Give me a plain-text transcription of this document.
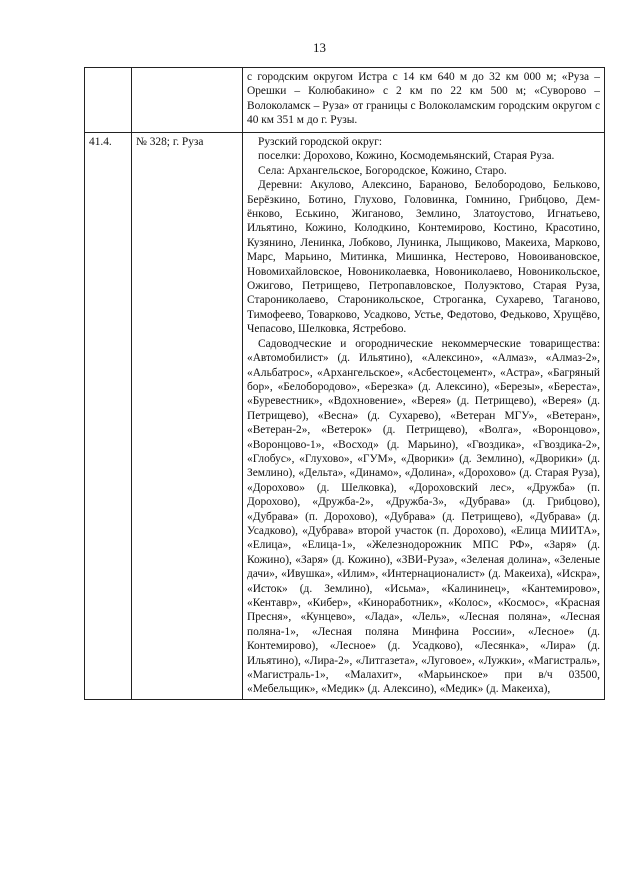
13

		с городским округом Истра с 14 км 640 м до 32 км 000 м; «Руза – Орешки – Колюбакино» с 2 км по 22 км 500 м; «Суворово – Волоколамск – Руза» от границы с Волоколамским городским округом с 40 км 351 м до г. Рузы.

41.4.	№ 328; г. Руза	Рузский городской округ:

поселки: Дорохово, Кожино, Космодемьянский, Старая Руза.

Села: Архангельское, Богородское, Кожино, Старо.

Деревни: Акулово, Алексино, Бараново, Белобородово, Бельково, Берёзкино, Ботино, Глухово, Головинка, Гомнино, Грибцово, Демёнково, Еськино, Жиганово, Землино, Златоустово, Игнатьево, Ильятино, Кожино, Колодкино, Контемирово, Костино, Красотино, Кузянино, Ленинка, Лобково, Лунинка, Лыщиково, Макеиха, Марково, Марс, Марьино, Митинка, Мишинка, Нестерово, Новоивановское, Новомихайловское, Новониколаевка, Новониколаево, Новоникольское, Ожигово, Петрищево, Петропавловское, Полуэктово, Старая Руза, Старониколаево, Староникольское, Строганка, Сухарево, Таганово, Тимофеево, Товарково, Усадково, Устье, Федотово, Федьково, Хрущёво, Чепасово, Шелковка, Ястребово.

Садоводческие и огороднические некоммерческие товарищества: «Автомобилист» (д. Ильятино), «Алексино», «Алмаз», «Алмаз-2», «Альбатрос», «Архангельское», «Асбестоцемент», «Астра», «Багряный бор», «Белобородово», «Березка» (д. Алексино), «Березы», «Береста», «Буревестник», «Вдохновение», «Верея» (д. Петрищево), «Верея» (д. Петрищево), «Весна» (д. Сухарево), «Ветеран МГУ», «Ветеран», «Ветеран-2», «Ветерок» (д. Петрищево), «Волга», «Воронцово», «Воронцово-1», «Восход» (д. Марьино), «Гвоздика», «Гвоздика-2», «Глобус», «Глухово», «ГУМ», «Дворики» (д. Землино), «Дворики» (д. Землино), «Дельта», «Динамо», «Долина», «Дорохово» (д. Старая Руза), «Дорохово» (д. Шелковка), «Дороховский лес», «Дружба» (п. Дорохово), «Дружба-2», «Дружба-3», «Дубрава» (д. Грибцово), «Дубрава» (п. Дорохово), «Дубрава» (д. Петрищево), «Дубрава» (д. Усадково), «Дубрава» второй участок (п. Дорохово), «Елица МИИТА», «Елица», «Елица-1», «Железнодорожник МПС РФ», «Заря» (д. Кожино), «Заря» (д. Кожино), «ЗВИ-Руза», «Зеленая долина», «Зеленые дачи», «Ивушка», «Илим», «Интернационалист» (д. Макеиха), «Искра», «Исток» (д. Землино), «Исьма», «Калининец», «Кантемирово», «Кентавр», «Кибер», «Кинорaботник», «Колос», «Космос», «Красная Пресня», «Кунцево», «Лада», «Лель», «Лесная поляна», «Лесная поляна-1», «Лесная поляна Минфина России», «Лесное» (д. Контемирово), «Лесное» (д. Усадково), «Лесянка», «Лира» (д. Ильятино), «Лира-2», «Литгазета», «Луговое», «Лужки», «Магистраль», «Магистраль-1», «Малахит», «Марьинское» при в/ч 03500, «Мебельщик», «Медик» (д. Алексино), «Медик» (д. Макеиха),
